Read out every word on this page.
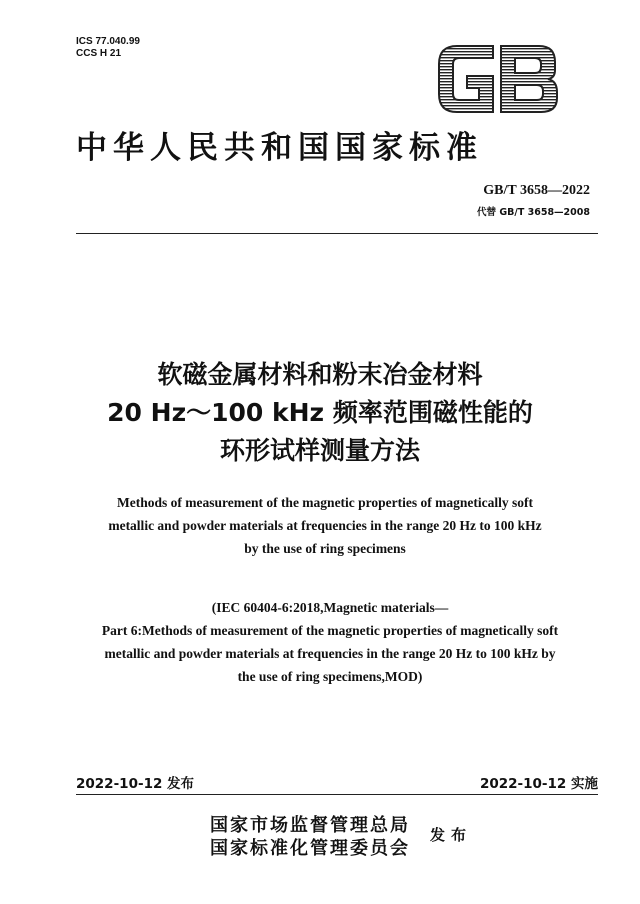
ICS 77.040.99
CCS H 21
中华人民共和国国家标准
GB/T 3658—2022
代替 GB/T 3658—2008
软磁金属材料和粉末冶金材料
20 Hz～100 kHz 频率范围磁性能的
环形试样测量方法
Methods of measurement of the magnetic properties of magnetically soft
metallic and powder materials at frequencies in the range 20 Hz to 100 kHz
by the use of ring specimens
(IEC 60404-6:2018,Magnetic materials—
Part 6:Methods of measurement of the magnetic properties of magnetically soft
metallic and powder materials at frequencies in the range 20 Hz to 100 kHz by
the use of ring specimens,MOD)
2022-10-12 发布	2022-10-12 实施
国家市场监督管理总局
国家标准化管理委员会
发布
